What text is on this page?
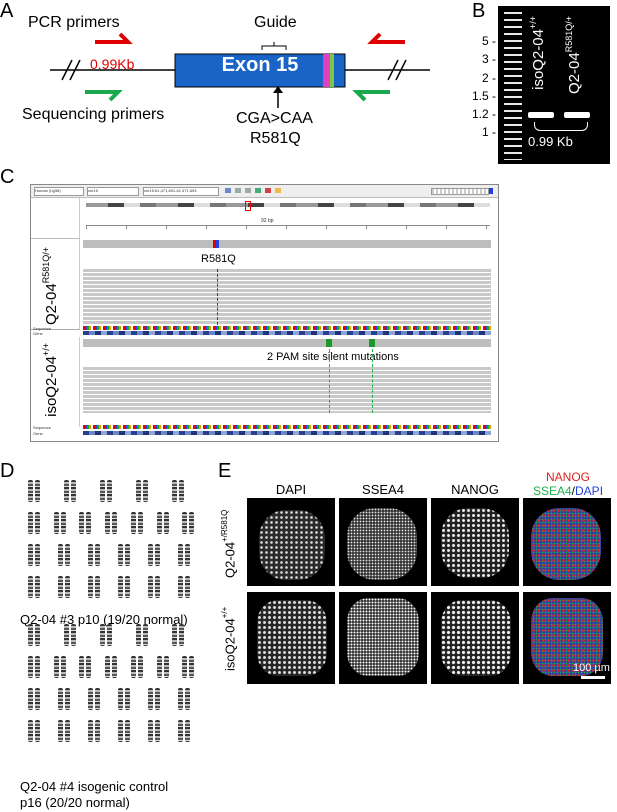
A
PCR primers	Guide
0.99Kb	Exon 15
Sequencing primers	CGA>CAA
R581Q
B
5 -
3 -
2 -
1.5 -
1.2 -
1 -
isoQ2-04+/+
$Q2-04^{R581Q/+}$
0.99 Kb
C
Human (hg38)	chr15	chr15:61,471,601-61,471,693
92 bp
$Q2-04^{R581Q/+}$	R581Q
Sequence
Gene
isoQ2-04+/+
2 PAM site silent mutations
Sequence
Gene
D
Q2-04 #3 p10 (19/20 normal)
Q2-04 #4 isogenic control
p16 (20/20 normal)
E
DAPI	SSEA4	NANOG
NANOG
SSEA4/DAPI
$Q2-04^{+/R581Q}$
isoQ2-04+/+
100 µm
